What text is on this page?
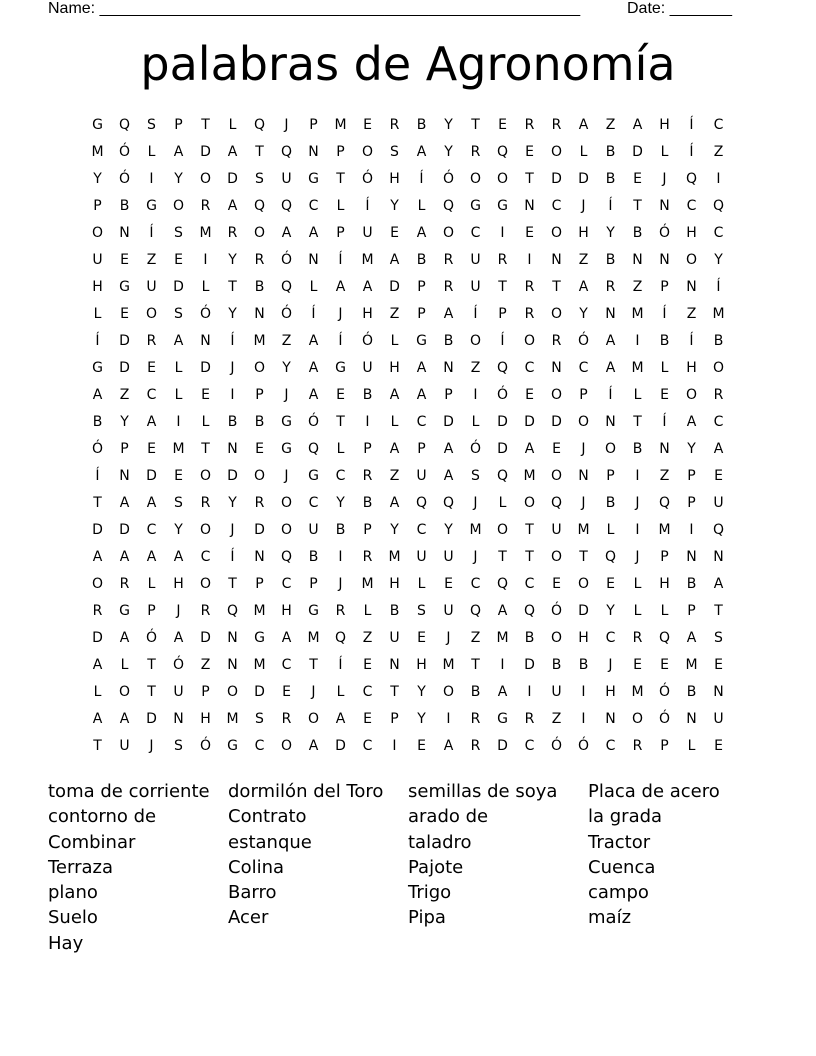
Name: ______________________________________________________	Date: _______
palabras de Agronomía
G	Q	S	P	T	L	Q	J	P	M	E	R	B	Y	T	E	R	R	A	Z	A	H	Í	C
M	Ó	L	A	D	A	T	Q	N	P	O	S	A	Y	R	Q	E	O	L	B	D	L	Í	Z
Y	Ó	I	Y	O	D	S	U	G	T	Ó	H	Í	Ó	O	O	T	D	D	B	E	J	Q	I
P	B	G	O	R	A	Q	Q	C	L	Í	Y	L	Q	G	G	N	C	J	Í	T	N	C	Q
O	N	Í	S	M	R	O	A	A	P	U	E	A	O	C	I	E	O	H	Y	B	Ó	H	C
U	E	Z	E	I	Y	R	Ó	N	Í	M	A	B	R	U	R	I	N	Z	B	N	N	O	Y
H	G	U	D	L	T	B	Q	L	A	A	D	P	R	U	T	R	T	A	R	Z	P	N	Í
L	E	O	S	Ó	Y	N	Ó	Í	J	H	Z	P	A	Í	P	R	O	Y	N	M	Í	Z	M
Í	D	R	A	N	Í	M	Z	A	Í	Ó	L	G	B	O	Í	O	R	Ó	A	I	B	Í	B
G	D	E	L	D	J	O	Y	A	G	U	H	A	N	Z	Q	C	N	C	A	M	L	H	O
A	Z	C	L	E	I	P	J	A	E	B	A	A	P	I	Ó	E	O	P	Í	L	E	O	R
B	Y	A	I	L	B	B	G	Ó	T	I	L	C	D	L	D	D	D	O	N	T	Í	A	C
Ó	P	E	M	T	N	E	G	Q	L	P	A	P	A	Ó	D	A	E	J	O	B	N	Y	A
Í	N	D	E	O	D	O	J	G	C	R	Z	U	A	S	Q	M	O	N	P	I	Z	P	E
T	A	A	S	R	Y	R	O	C	Y	B	A	Q	Q	J	L	O	Q	J	B	J	Q	P	U
D	D	C	Y	O	J	D	O	U	B	P	Y	C	Y	M	O	T	U	M	L	I	M	I	Q
A	A	A	A	C	Í	N	Q	B	I	R	M	U	U	J	T	T	O	T	Q	J	P	N	N
O	R	L	H	O	T	P	C	P	J	M	H	L	E	C	Q	C	E	O	E	L	H	B	A
R	G	P	J	R	Q	M	H	G	R	L	B	S	U	Q	A	Q	Ó	D	Y	L	L	P	T
D	A	Ó	A	D	N	G	A	M	Q	Z	U	E	J	Z	M	B	O	H	C	R	Q	A	S
A	L	T	Ó	Z	N	M	C	T	Í	E	N	H	M	T	I	D	B	B	J	E	E	M	E
L	O	T	U	P	O	D	E	J	L	C	T	Y	O	B	A	I	U	I	H	M	Ó	B	N
A	A	D	N	H	M	S	R	O	A	E	P	Y	I	R	G	R	Z	I	N	O	Ó	N	U
T	U	J	S	Ó	G	C	O	A	D	C	I	E	A	R	D	C	Ó	Ó	C	R	P	L	E
toma de corriente
contorno de
Combinar
Terraza
plano
Suelo
Hay
dormilón del Toro
Contrato
estanque
Colina
Barro
Acer
semillas de soya
arado de
taladro
Pajote
Trigo
Pipa
Placa de acero
la grada
Tractor
Cuenca
campo
maíz
